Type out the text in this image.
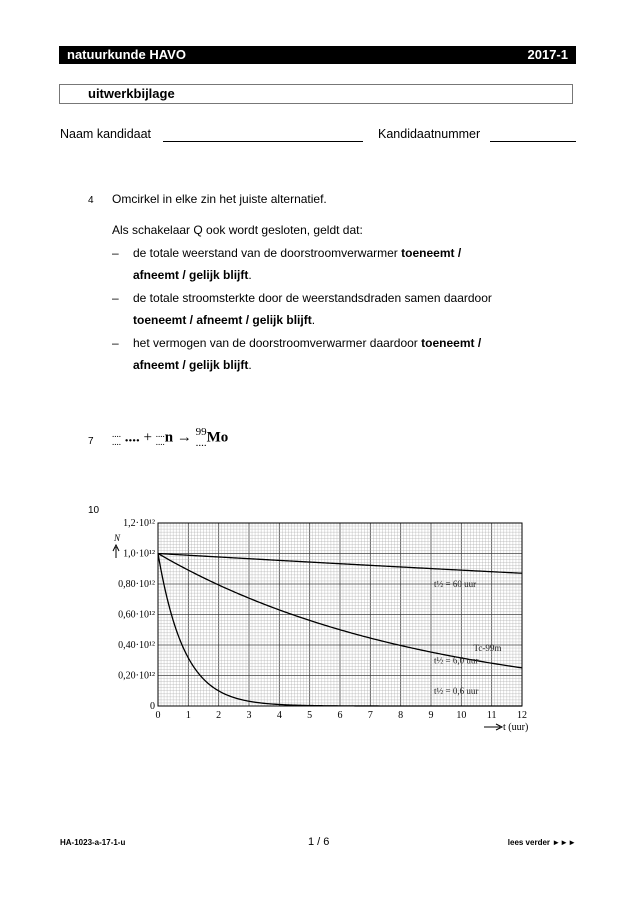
natuurkunde HAVO	2017-1
uitwerkbijlage
Naam kandidaat	Kandidaatnummer
4 Omcirkel in elke zin het juiste alternatief.
Als schakelaar Q ook wordt gesloten, geldt dat:
– de totale weerstand van de doorstroomverwarmer toeneemt /
afneemt / gelijk blijft.
– de totale stroomsterkte door de weerstandsdraden samen daardoor
toeneemt / afneemt / gelijk blijft.
– het vermogen van de doorstroomverwarmer daardoor toeneemt /
afneemt / gelijk blijft.
7
....
.... .... + ....
....n → 99
....Mo
10
0	1	2	3	4	5	6	7	8	9 10 11 12
0
0,20·10¹²
0,40·10¹²
0,60·10¹²
0,80·10¹²
1,0·10¹²
1,2·10¹²
N
t (uur)
t½ = 60 uur
t½ = 6,0 uur
t½ = 0,6 uur
Tc-99m
HA-1023-a-17-1-u	1 / 6	lees verder ►►►
